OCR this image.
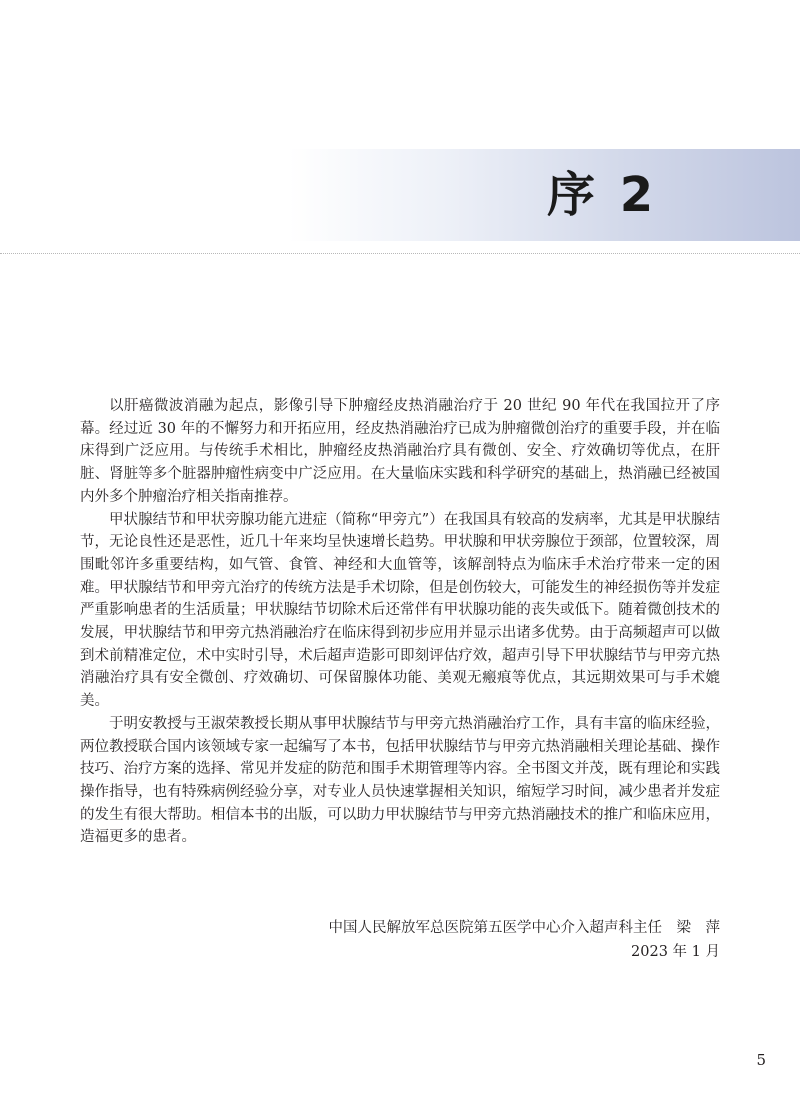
序 2

以肝癌微波消融为起点，影像引导下肿瘤经皮热消融治疗于 20 世纪 90 年代在我国拉开了序幕。经过近 30 年的不懈努力和开拓应用，经皮热消融治疗已成为肿瘤微创治疗的重要手段，并在临床得到广泛应用。与传统手术相比，肿瘤经皮热消融治疗具有微创、安全、疗效确切等优点，在肝脏、肾脏等多个脏器肿瘤性病变中广泛应用。在大量临床实践和科学研究的基础上，热消融已经被国内外多个肿瘤治疗相关指南推荐。

甲状腺结节和甲状旁腺功能亢进症（简称“甲旁亢”）在我国具有较高的发病率，尤其是甲状腺结节，无论良性还是恶性，近几十年来均呈快速增长趋势。甲状腺和甲状旁腺位于颈部，位置较深，周围毗邻许多重要结构，如气管、食管、神经和大血管等，该解剖特点为临床手术治疗带来一定的困难。甲状腺结节和甲旁亢治疗的传统方法是手术切除，但是创伤较大，可能发生的神经损伤等并发症严重影响患者的生活质量；甲状腺结节切除术后还常伴有甲状腺功能的丧失或低下。随着微创技术的发展，甲状腺结节和甲旁亢热消融治疗在临床得到初步应用并显示出诸多优势。由于高频超声可以做到术前精准定位，术中实时引导，术后超声造影可即刻评估疗效，超声引导下甲状腺结节与甲旁亢热消融治疗具有安全微创、疗效确切、可保留腺体功能、美观无瘢痕等优点，其远期效果可与手术媲美。

于明安教授与王淑荣教授长期从事甲状腺结节与甲旁亢热消融治疗工作，具有丰富的临床经验，两位教授联合国内该领域专家一起编写了本书，包括甲状腺结节与甲旁亢热消融相关理论基础、操作技巧、治疗方案的选择、常见并发症的防范和围手术期管理等内容。全书图文并茂，既有理论和实践操作指导，也有特殊病例经验分享，对专业人员快速掌握相关知识，缩短学习时间，减少患者并发症的发生有很大帮助。相信本书的出版，可以助力甲状腺结节与甲旁亢热消融技术的推广和临床应用，造福更多的患者。

中国人民解放军总医院第五医学中心介入超声科主任　梁　萍
2023 年 1 月
5
